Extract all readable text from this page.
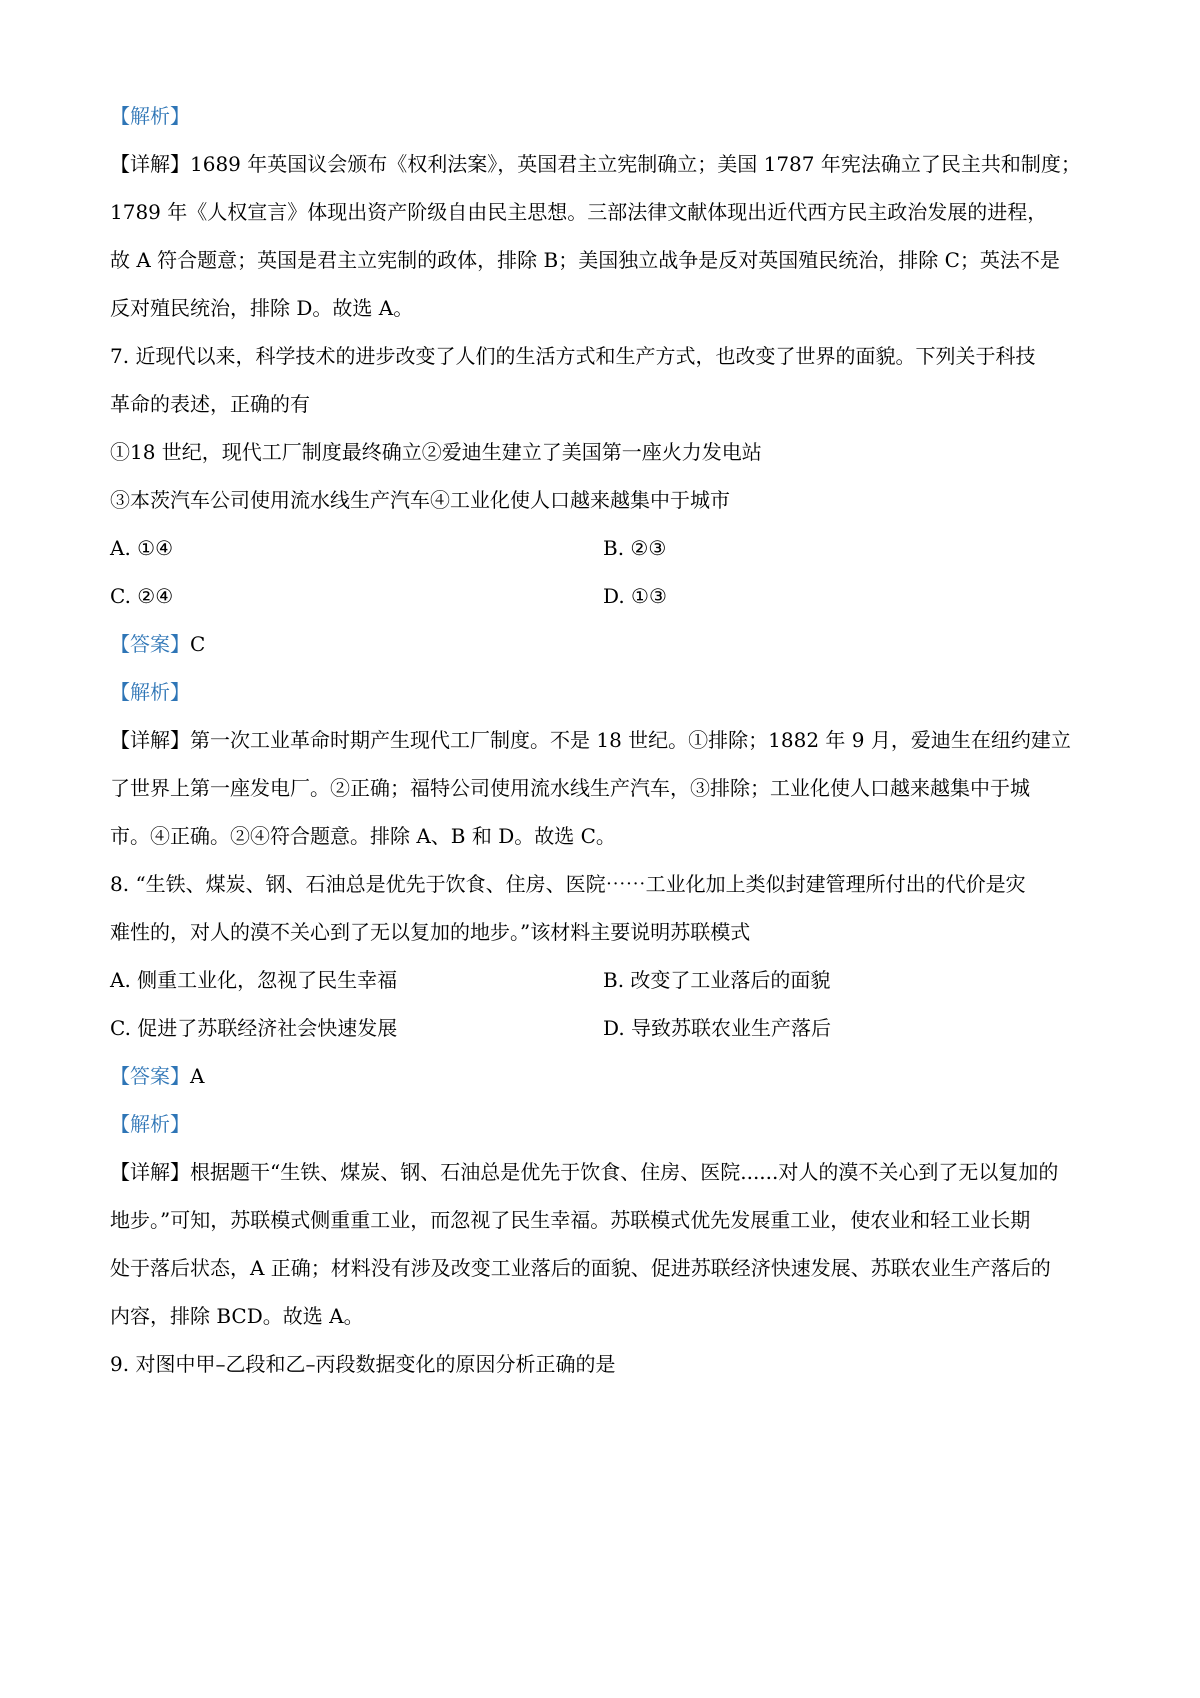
【解析】
【详解】1689 年英国议会颁布《权利法案》，英国君主立宪制确立；美国 1787 年宪法确立了民主共和制度；
1789 年《人权宣言》体现出资产阶级自由民主思想。三部法律文献体现出近代西方民主政治发展的进程，
故 A 符合题意；英国是君主立宪制的政体，排除 B；美国独立战争是反对英国殖民统治，排除 C；英法不是
反对殖民统治，排除 D。故选 A。
7. 近现代以来，科学技术的进步改变了人们的生活方式和生产方式，也改变了世界的面貌。下列关于科技
革命的表述，正确的有
①18 世纪，现代工厂制度最终确立②爱迪生建立了美国第一座火力发电站
③本茨汽车公司使用流水线生产汽车④工业化使人口越来越集中于城市
A. ①④	B. ②③
C. ②④	D. ①③
【答案】C
【解析】
【详解】第一次工业革命时期产生现代工厂制度。不是 18 世纪。①排除；1882 年 9 月，爱迪生在纽约建立
了世界上第一座发电厂。②正确；福特公司使用流水线生产汽车，③排除；工业化使人口越来越集中于城
市。④正确。②④符合题意。排除 A、B 和 D。故选 C。
8. “生铁、煤炭、钢、石油总是优先于饮食、住房、医院⋯⋯工业化加上类似封建管理所付出的代价是灾
难性的，对人的漠不关心到了无以复加的地步。”该材料主要说明苏联模式
A. 侧重工业化，忽视了民生幸福	B. 改变了工业落后的面貌
C. 促进了苏联经济社会快速发展	D. 导致苏联农业生产落后
【答案】A
【解析】
【详解】根据题干“生铁、煤炭、钢、石油总是优先于饮食、住房、医院......对人的漠不关心到了无以复加的
地步。”可知，苏联模式侧重重工业，而忽视了民生幸福。苏联模式优先发展重工业，使农业和轻工业长期
处于落后状态，A 正确；材料没有涉及改变工业落后的面貌、促进苏联经济快速发展、苏联农业生产落后的
内容，排除 BCD。故选 A。
9. 对图中甲–乙段和乙–丙段数据变化的原因分析正确的是
